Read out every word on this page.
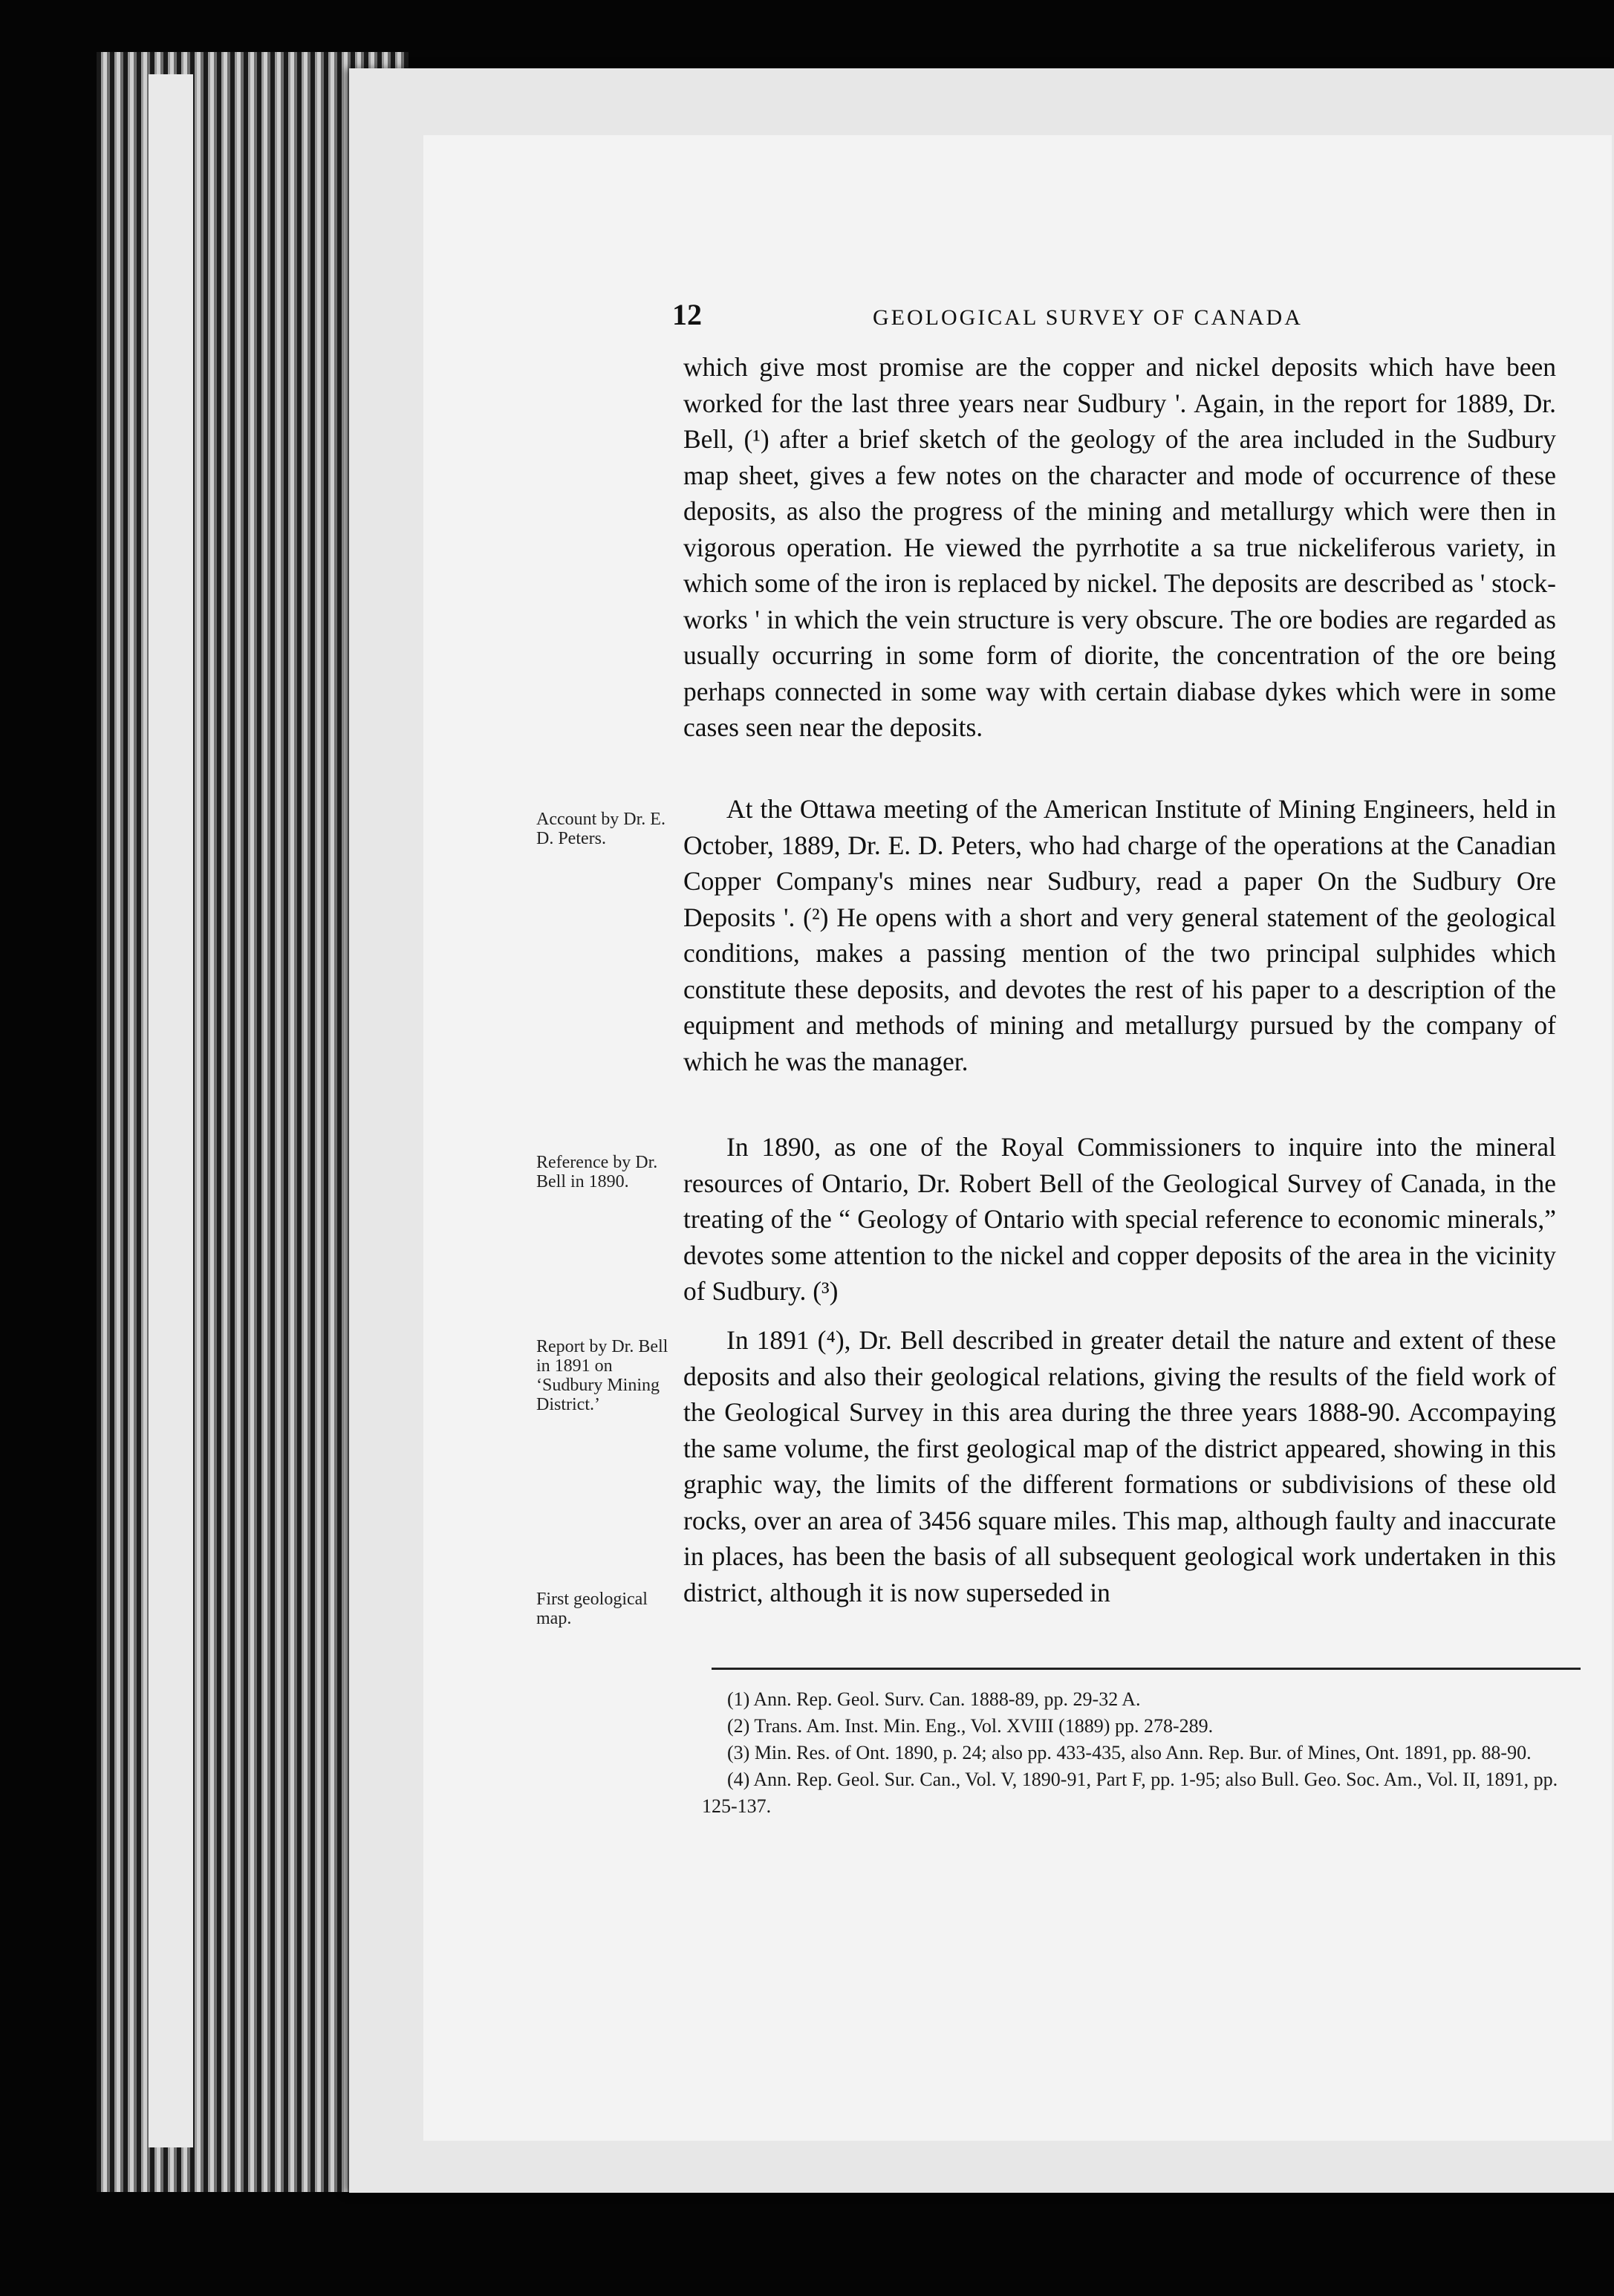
12	GEOLOGICAL SURVEY OF CANADA

which give most promise are the copper and nickel deposits which have been worked for the last three years near Sudbury '. Again, in the report for 1889, Dr. Bell, (¹) after a brief sketch of the geology of the area included in the Sudbury map sheet, gives a few notes on the character and mode of occurrence of these deposits, as also the progress of the mining and metallurgy which were then in vigorous operation. He viewed the pyrrhotite a sa true nickeliferous variety, in which some of the iron is replaced by nickel. The deposits are described as ' stock-works ' in which the vein structure is very obscure. The ore bodies are regarded as usually occurring in some form of diorite, the concentration of the ore being perhaps connected in some way with certain diabase dykes which were in some cases seen near the deposits.

At the Ottawa meeting of the American Institute of Mining Engineers, held in October, 1889, Dr. E. D. Peters, who had charge of the operations at the Canadian Copper Company's mines near Sudbury, read a paper On the Sudbury Ore Deposits '. (²) He opens with a short and very general statement of the geological conditions, makes a passing mention of the two principal sulphides which constitute these deposits, and devotes the rest of his paper to a description of the equipment and methods of mining and metallurgy pursued by the company of which he was the manager.

In 1890, as one of the Royal Commissioners to inquire into the mineral resources of Ontario, Dr. Robert Bell of the Geological Survey of Canada, in the treating of the “ Geology of Ontario with special reference to economic minerals,” devotes some attention to the nickel and copper deposits of the area in the vicinity of Sudbury. (³)

In 1891 (⁴), Dr. Bell described in greater detail the nature and extent of these deposits and also their geological relations, giving the results of the field work of the Geological Survey in this area during the three years 1888-90. Accompaying the same volume, the first geological map of the district appeared, showing in this graphic way, the limits of the different formations or subdivisions of these old rocks, over an area of 3456 square miles. This map, although faulty and inaccurate in places, has been the basis of all subsequent geological work undertaken in this district, although it is now superseded in

Account by Dr. E. D. Peters.
Reference by Dr. Bell in 1890.
Report by Dr. Bell in 1891 on ‘Sudbury Mining District.’
First geological map.
(1) Ann. Rep. Geol. Surv. Can. 1888-89, pp. 29-32 A.
(2) Trans. Am. Inst. Min. Eng., Vol. XVIII (1889) pp. 278-289.
(3) Min. Res. of Ont. 1890, p. 24; also pp. 433-435, also Ann. Rep. Bur. of Mines, Ont. 1891, pp. 88-90.
(4) Ann. Rep. Geol. Sur. Can., Vol. V, 1890-91, Part F, pp. 1-95; also Bull. Geo. Soc. Am., Vol. II, 1891, pp. 125-137.
